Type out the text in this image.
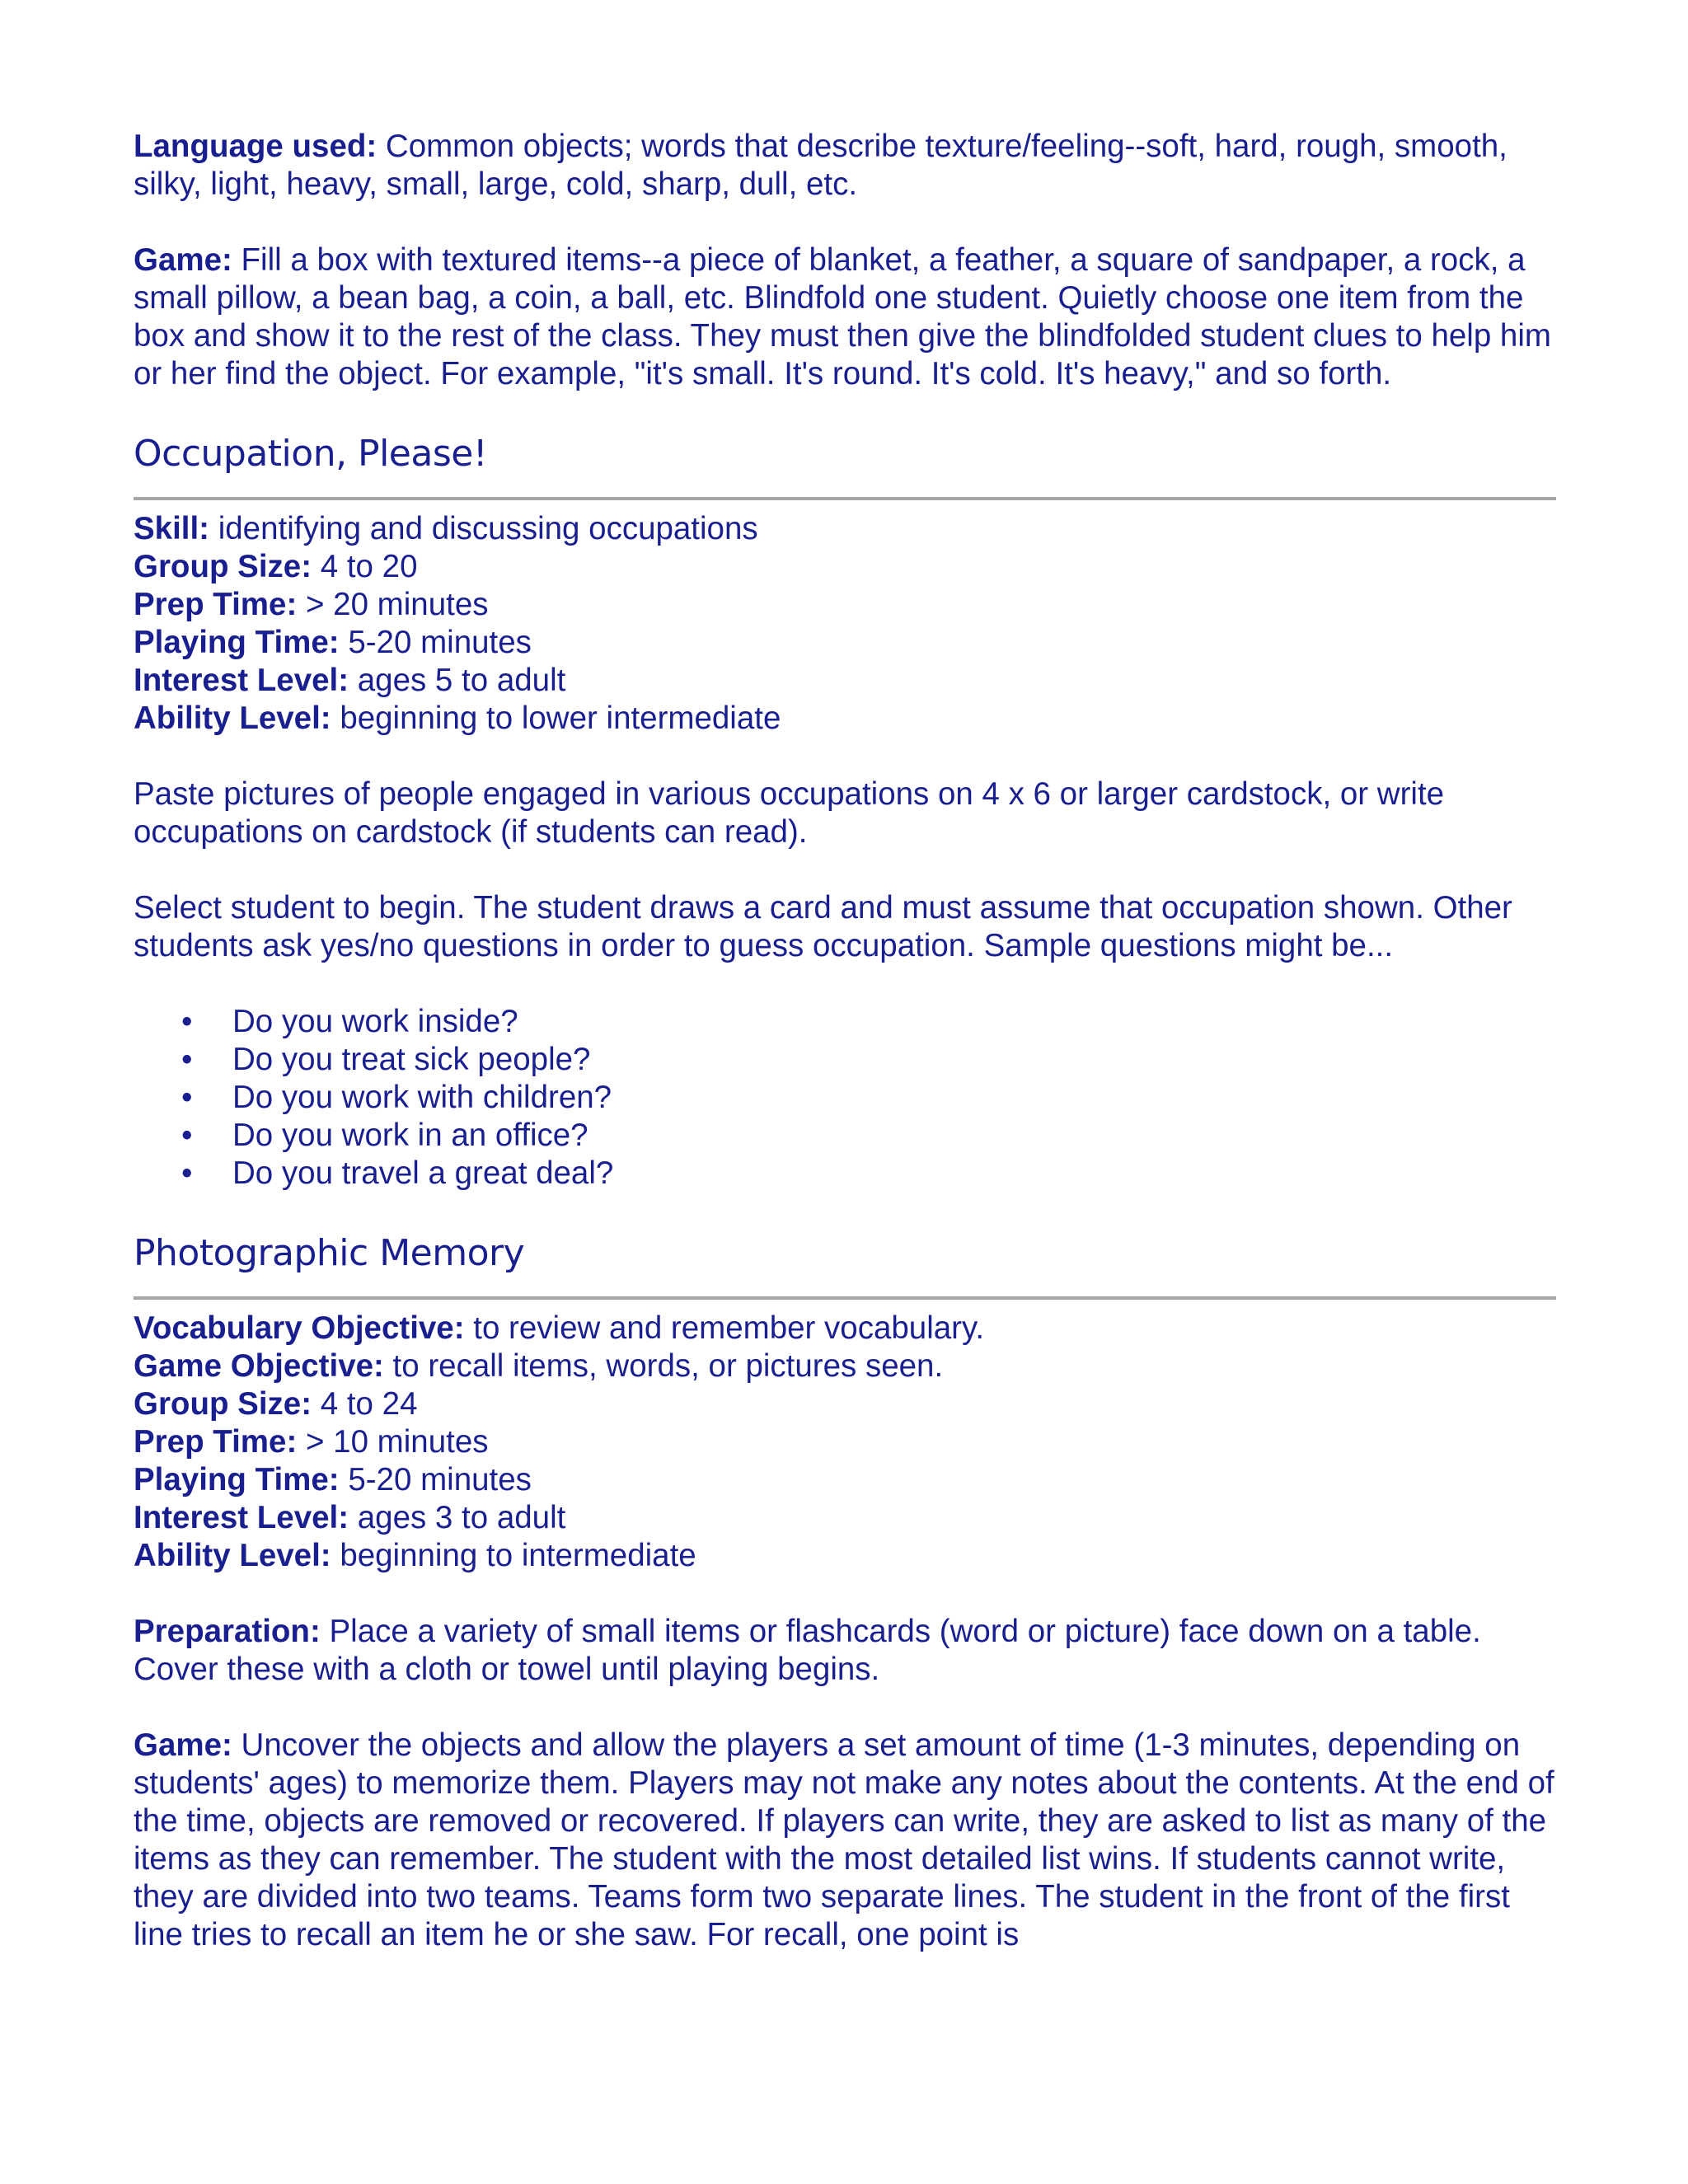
Language used: Common objects; words that describe texture/feeling--soft, hard, rough, smooth, silky, light, heavy, small, large, cold, sharp, dull, etc.

Game: Fill a box with textured items--a piece of blanket, a feather, a square of sandpaper, a rock, a small pillow, a bean bag, a coin, a ball, etc. Blindfold one student. Quietly choose one item from the box and show it to the rest of the class. They must then give the blindfolded student clues to help him or her find the object. For example, "it's small. It's round. It's cold. It's heavy," and so forth.

Occupation, Please!

Skill: identifying and discussing occupations

Group Size: 4 to 20

Prep Time: > 20 minutes

Playing Time: 5-20 minutes

Interest Level: ages 5 to adult

Ability Level: beginning to lower intermediate

Paste pictures of people engaged in various occupations on 4 x 6 or larger cardstock, or write occupations on cardstock (if students can read).

Select student to begin. The student draws a card and must assume that occupation shown. Other students ask yes/no questions in order to guess occupation. Sample questions might be...

•	Do you work inside?
•	Do you treat sick people?
•	Do you work with children?
•	Do you work in an office?
•	Do you travel a great deal?
Photographic Memory

Vocabulary Objective: to review and remember vocabulary.

Game Objective: to recall items, words, or pictures seen.

Group Size: 4 to 24

Prep Time: > 10 minutes

Playing Time: 5-20 minutes

Interest Level: ages 3 to adult

Ability Level: beginning to intermediate

Preparation: Place a variety of small items or flashcards (word or picture) face down on a table. Cover these with a cloth or towel until playing begins.

Game: Uncover the objects and allow the players a set amount of time (1-3 minutes, depending on students' ages) to memorize them. Players may not make any notes about the contents. At the end of the time, objects are removed or recovered. If players can write, they are asked to list as many of the items as they can remember. The student with the most detailed list wins. If students cannot write, they are divided into two teams. Teams form two separate lines. The student in the front of the first line tries to recall an item he or she saw. For recall, one point is
